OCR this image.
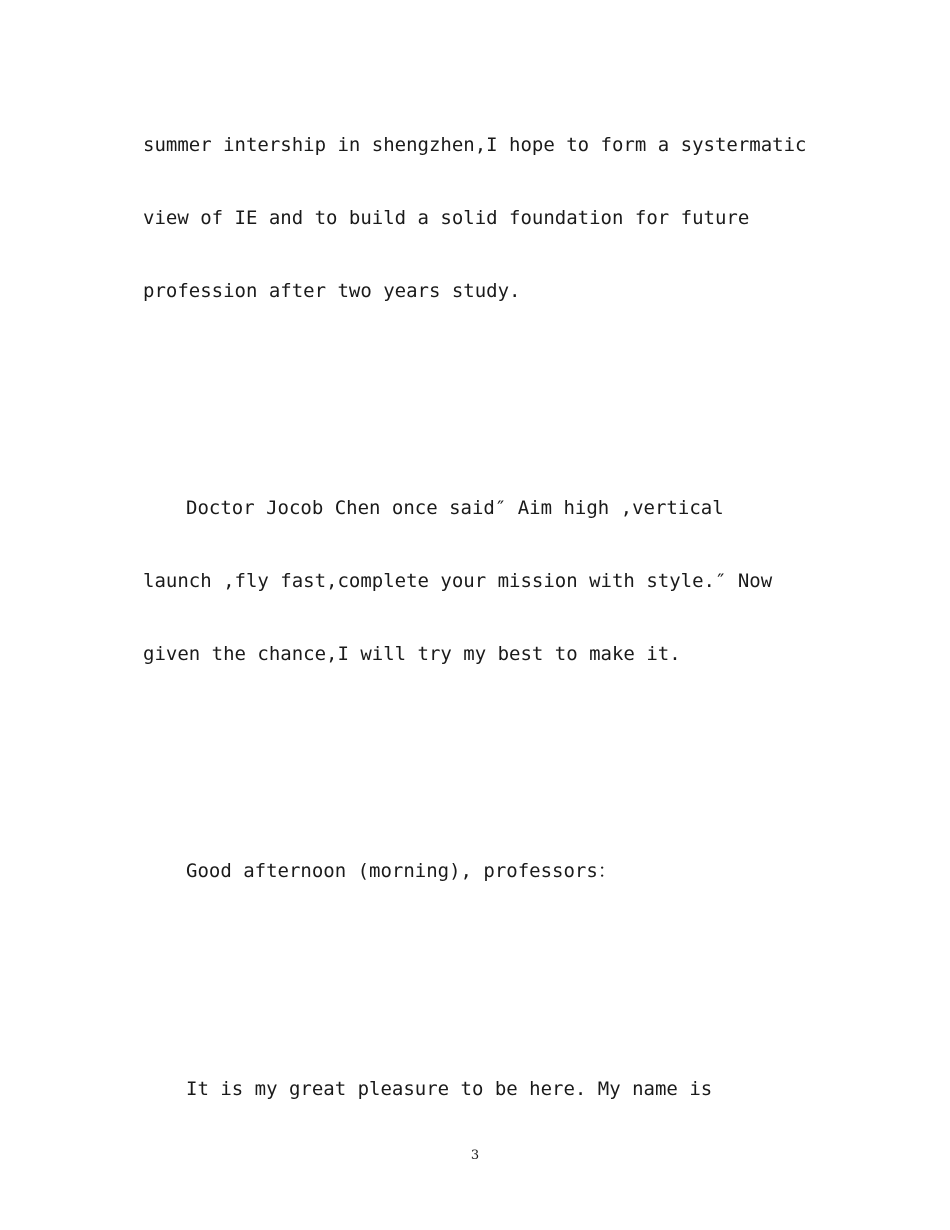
summer intership in shengzhen,I hope to form a systermatic
view of IE and to build a solid foundation for future
profession after two years study.
Doctor Jocob Chen once said″ Aim high ,vertical
launch ,fly fast,complete your mission with style.″ Now
given the chance,I will try my best to make it.
Good afternoon (morning), professors：
It is my great pleasure to be here. My name is
3
